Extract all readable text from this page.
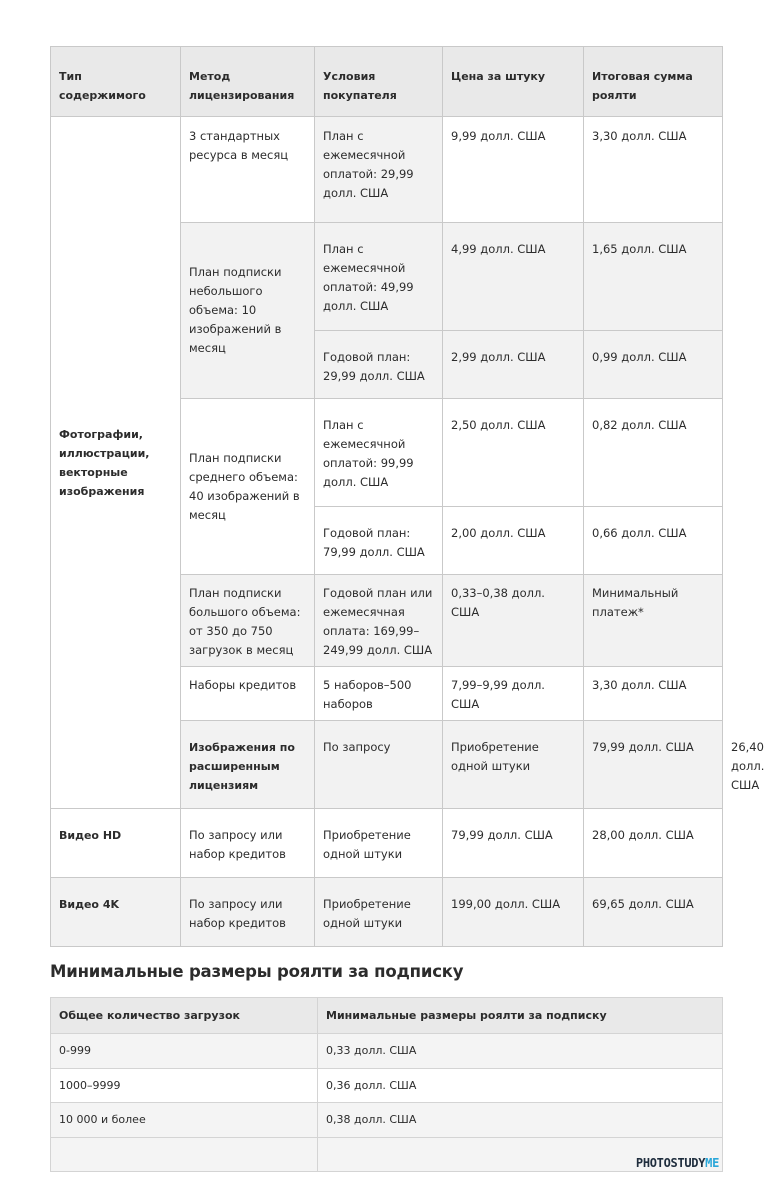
Тип содержимого	Метод лицензирования	Условия покупателя	Цена за штуку	Итоговая сумма роялти	
Фотографии, иллюстрации, векторные изображения	3 стандартных ресурса в месяц	План с ежемесячной оплатой: 29,99 долл. США	9,99 долл. США	3,30 долл. США	
	План подписки небольшого объема: 10 изображений в месяц	План с ежемесячной оплатой: 49,99 долл. США	4,99 долл. США	1,65 долл. США	
		Годовой план: 29,99 долл. США	2,99 долл. США	0,99 долл. США	
	План подписки среднего объема: 40 изображений в месяц	План с ежемесячной оплатой: 99,99 долл. США	2,50 долл. США	0,82 долл. США	
		Годовой план: 79,99 долл. США	2,00 долл. США	0,66 долл. США	
	План подписки большого объема: от 350 до 750 загрузок в месяц	Годовой план или ежемесячная оплата: 169,99–249,99 долл. США	0,33–0,38 долл. США	Минимальный платеж*	
	Наборы кредитов	5 наборов–500 наборов	7,99–9,99 долл. США	3,30 долл. США	
	Изображения по расширенным лицензиям	По запросу	Приобретение одной штуки	79,99 долл. США	26,40 долл. США
Видео HD	По запросу или набор кредитов	Приобретение одной штуки	79,99 долл. США	28,00 долл. США	
Видео 4K	По запросу или набор кредитов	Приобретение одной штуки	199,00 долл. США	69,65 долл. США	
Минимальные размеры роялти за подписку
Общее количество загрузок	Минимальные размеры роялти за подписку
0-999	0,33 долл. США
1000–9999	0,36 долл. США
10 000 и более	0,38 долл. США

PHOTOSTUDYME
